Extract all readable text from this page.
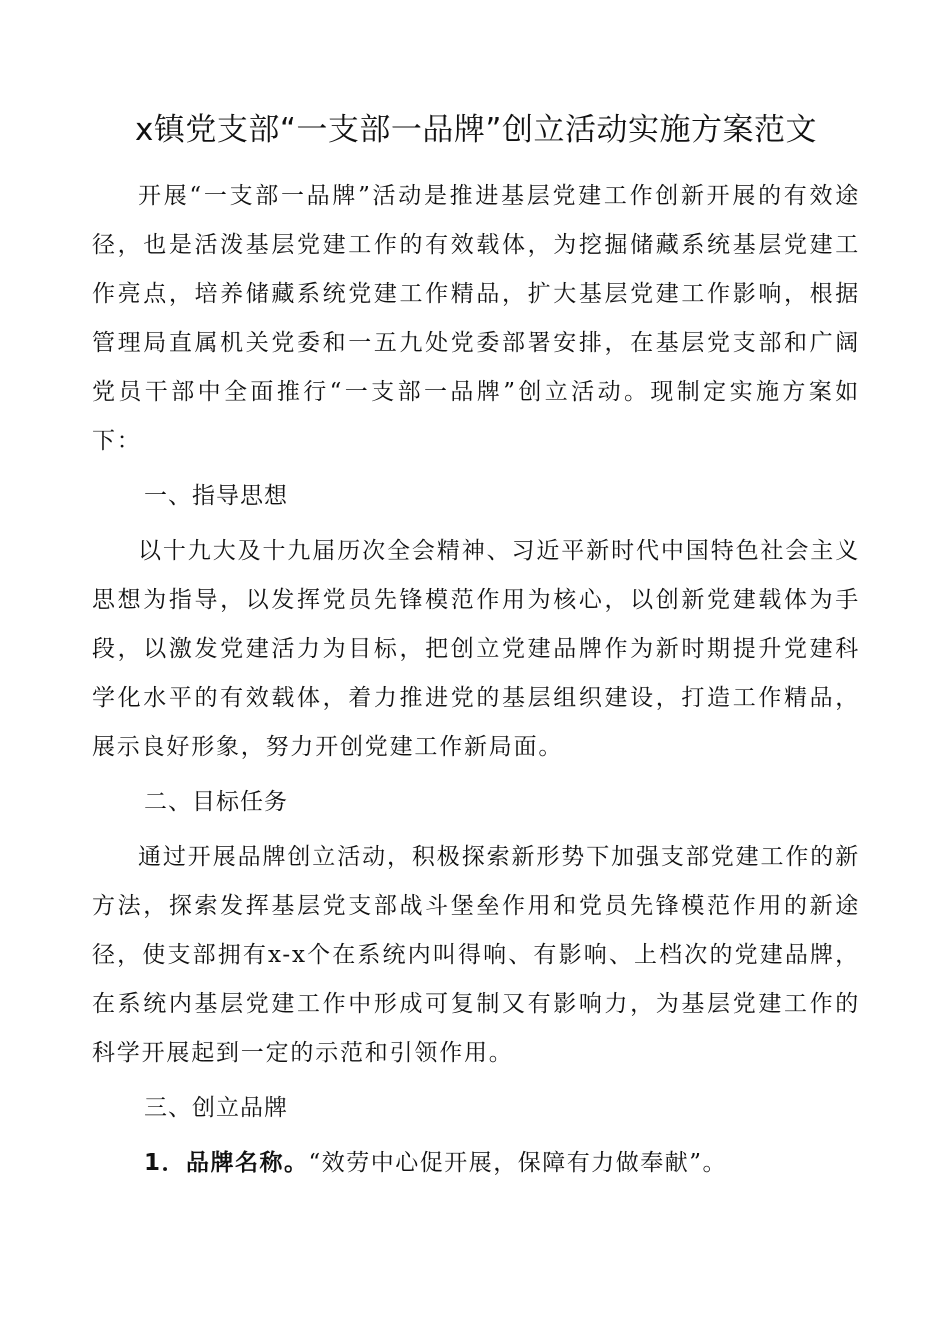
x镇党支部“一支部一品牌”创立活动实施方案范文

开展“一支部一品牌”活动是推进基层党建工作创新开展的有效途径，也是活泼基层党建工作的有效载体，为挖掘储藏系统基层党建工作亮点，培养储藏系统党建工作精品，扩大基层党建工作影响，根据管理局直属机关党委和一五九处党委部署安排，在基层党支部和广阔党员干部中全面推行“一支部一品牌”创立活动。现制定实施方案如下：

一、指导思想

以十九大及十九届历次全会精神、习近平新时代中国特色社会主义思想为指导，以发挥党员先锋模范作用为核心，以创新党建载体为手段，以激发党建活力为目标，把创立党建品牌作为新时期提升党建科学化水平的有效载体，着力推进党的基层组织建设，打造工作精品，展示良好形象，努力开创党建工作新局面。

二、目标任务

通过开展品牌创立活动，积极探索新形势下加强支部党建工作的新方法，探索发挥基层党支部战斗堡垒作用和党员先锋模范作用的新途径，使支部拥有x-x个在系统内叫得响、有影响、上档次的党建品牌，在系统内基层党建工作中形成可复制又有影响力，为基层党建工作的科学开展起到一定的示范和引领作用。

三、创立品牌

1．品牌名称。“效劳中心促开展，保障有力做奉献”。
